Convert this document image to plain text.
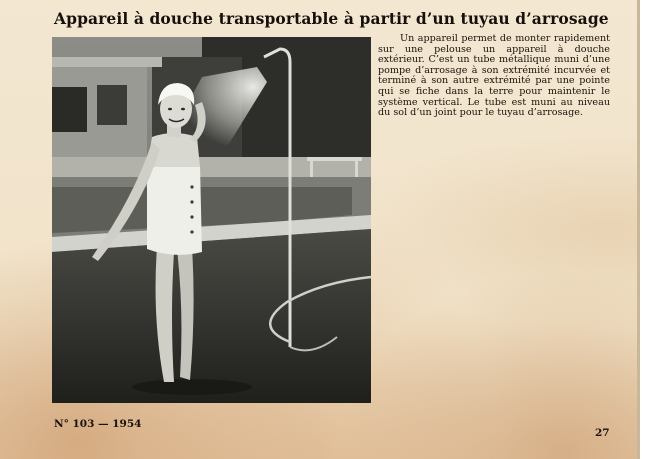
Appareil à douche transportable à partir d’un tuyau d’arrosage

Un appareil permet de monter rapidement sur une pelouse un appareil à douche extérieur. C’est un tube métallique muni d’une pompe d’arrosage à son extrémité incurvée et terminé à son autre extrémité par une pointe qui se fiche dans la terre pour maintenir le système vertical. Le tube est muni au niveau du sol d’un joint pour le tuyau d’arrosage.

N° 103 — 1954
27
